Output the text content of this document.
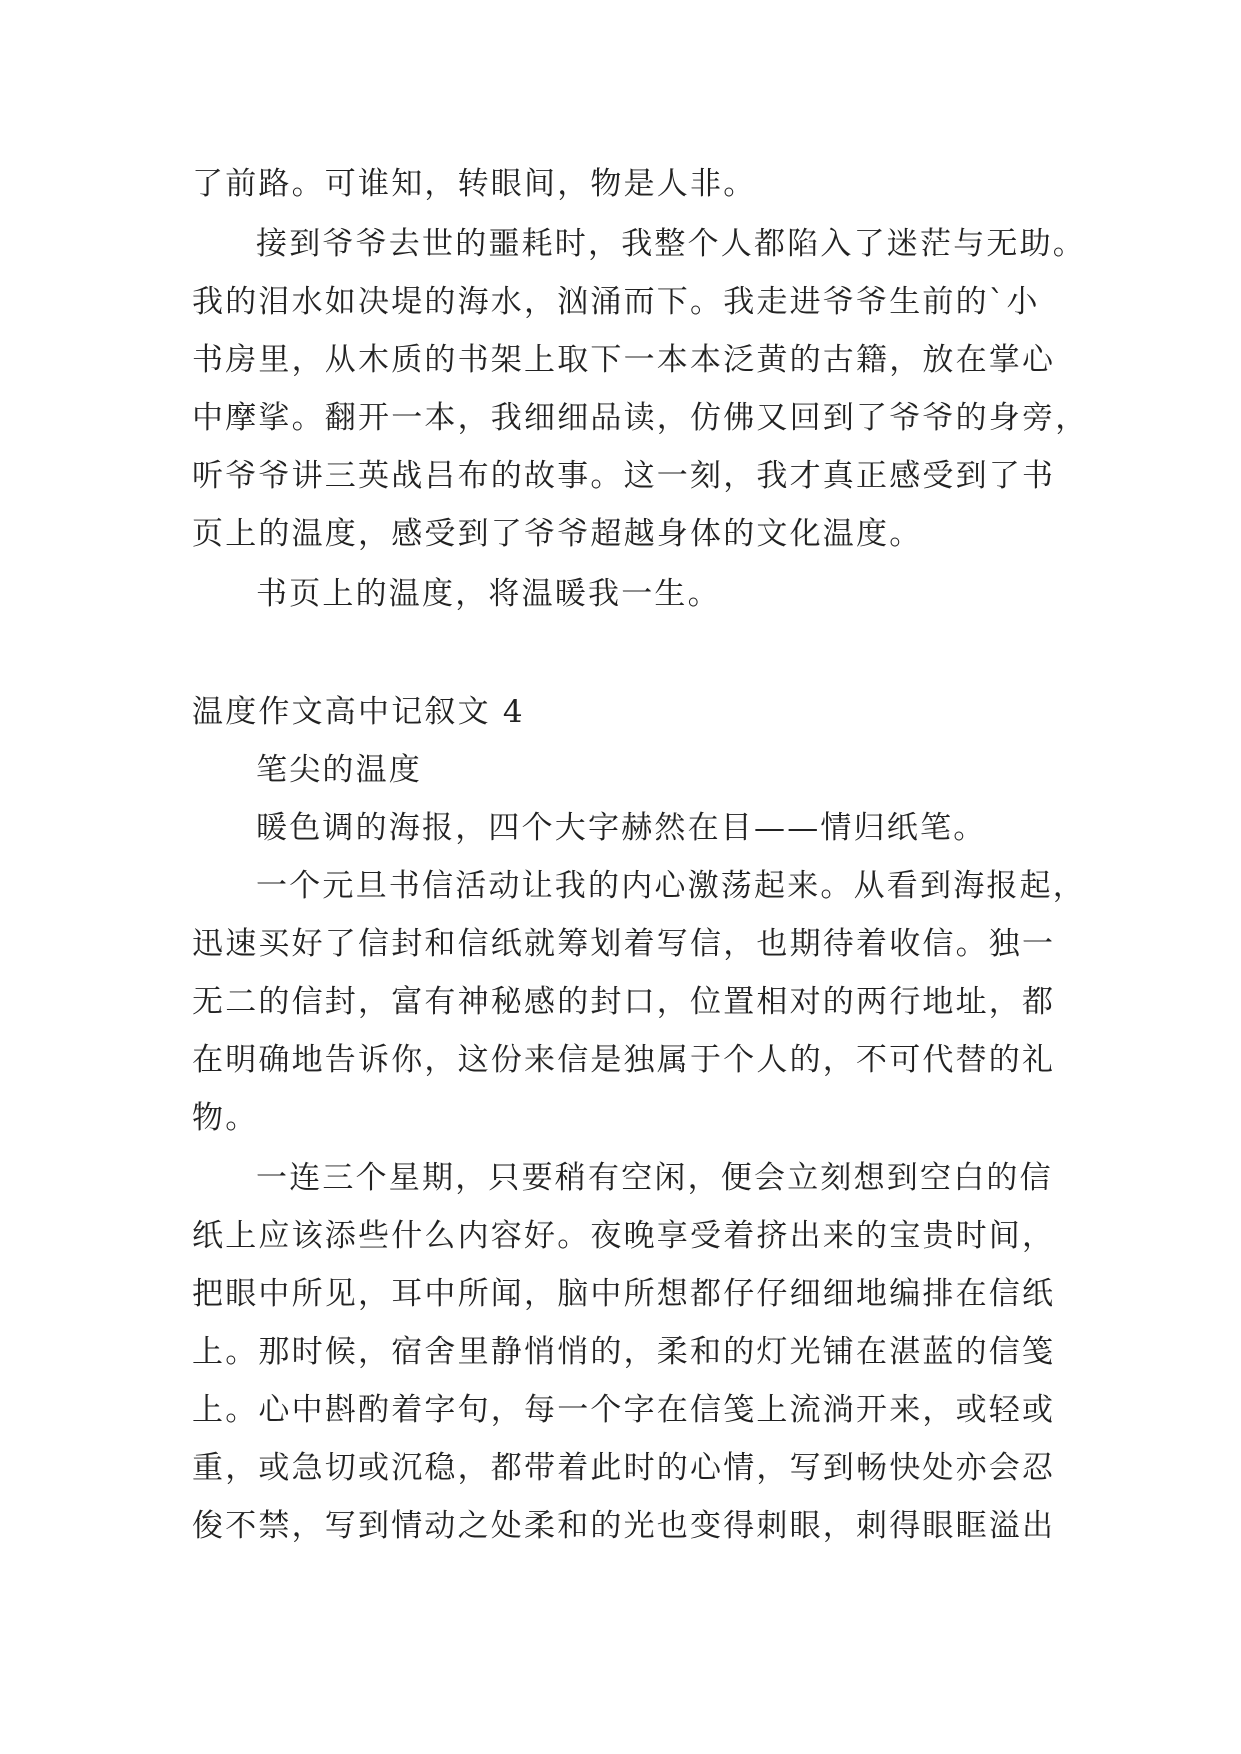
了前路。可谁知，转眼间，物是人非。
接到爷爷去世的噩耗时，我整个人都陷入了迷茫与无助。
我的泪水如决堤的海水，汹涌而下。我走进爷爷生前的`小
书房里，从木质的书架上取下一本本泛黄的古籍，放在掌心
中摩挲。翻开一本，我细细品读，仿佛又回到了爷爷的身旁，
听爷爷讲三英战吕布的故事。这一刻，我才真正感受到了书
页上的温度，感受到了爷爷超越身体的文化温度。
书页上的温度，将温暖我一生。
温度作文高中记叙文 4
笔尖的温度
暖色调的海报，四个大字赫然在目——情归纸笔。
一个元旦书信活动让我的内心激荡起来。从看到海报起，
迅速买好了信封和信纸就筹划着写信，也期待着收信。独一
无二的信封，富有神秘感的封口，位置相对的两行地址，都
在明确地告诉你，这份来信是独属于个人的，不可代替的礼
物。
一连三个星期，只要稍有空闲，便会立刻想到空白的信
纸上应该添些什么内容好。夜晚享受着挤出来的宝贵时间，
把眼中所见，耳中所闻，脑中所想都仔仔细细地编排在信纸
上。那时候，宿舍里静悄悄的，柔和的灯光铺在湛蓝的信笺
上。心中斟酌着字句，每一个字在信笺上流淌开来，或轻或
重，或急切或沉稳，都带着此时的心情，写到畅快处亦会忍
俊不禁，写到情动之处柔和的光也变得刺眼，刺得眼眶溢出
